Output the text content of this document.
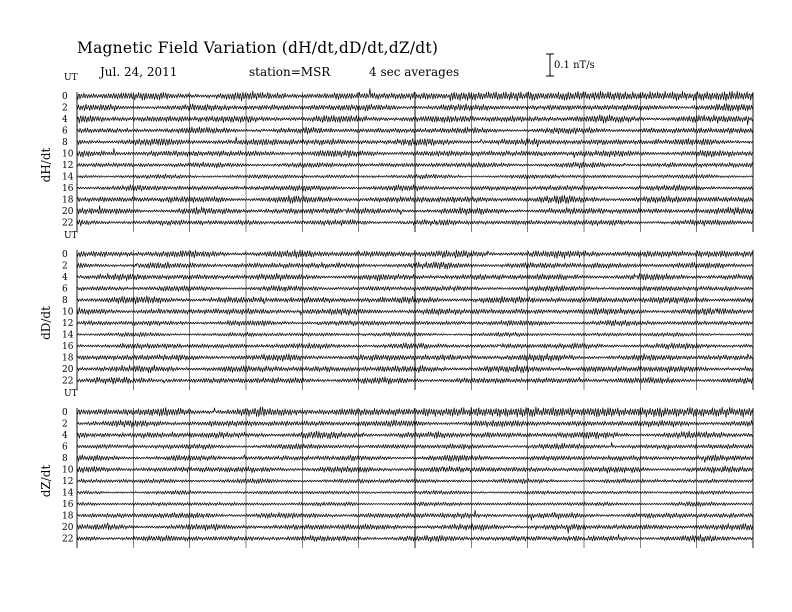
Magnetic Field Variation (dH/dt,dD/dt,dZ/dt)
Jul. 24, 2011	station=MSR	4 sec averages	0.1 nT/s
UT
dH/dt
0
2
4
6
8
10
12
14
16
18
20
22
UT
dD/dt
0
2
4
6
8
10
12
14
16
18
20
22
UT
dZ/dt
0
2
4
6
8
10
12
14
16
18
20
22
